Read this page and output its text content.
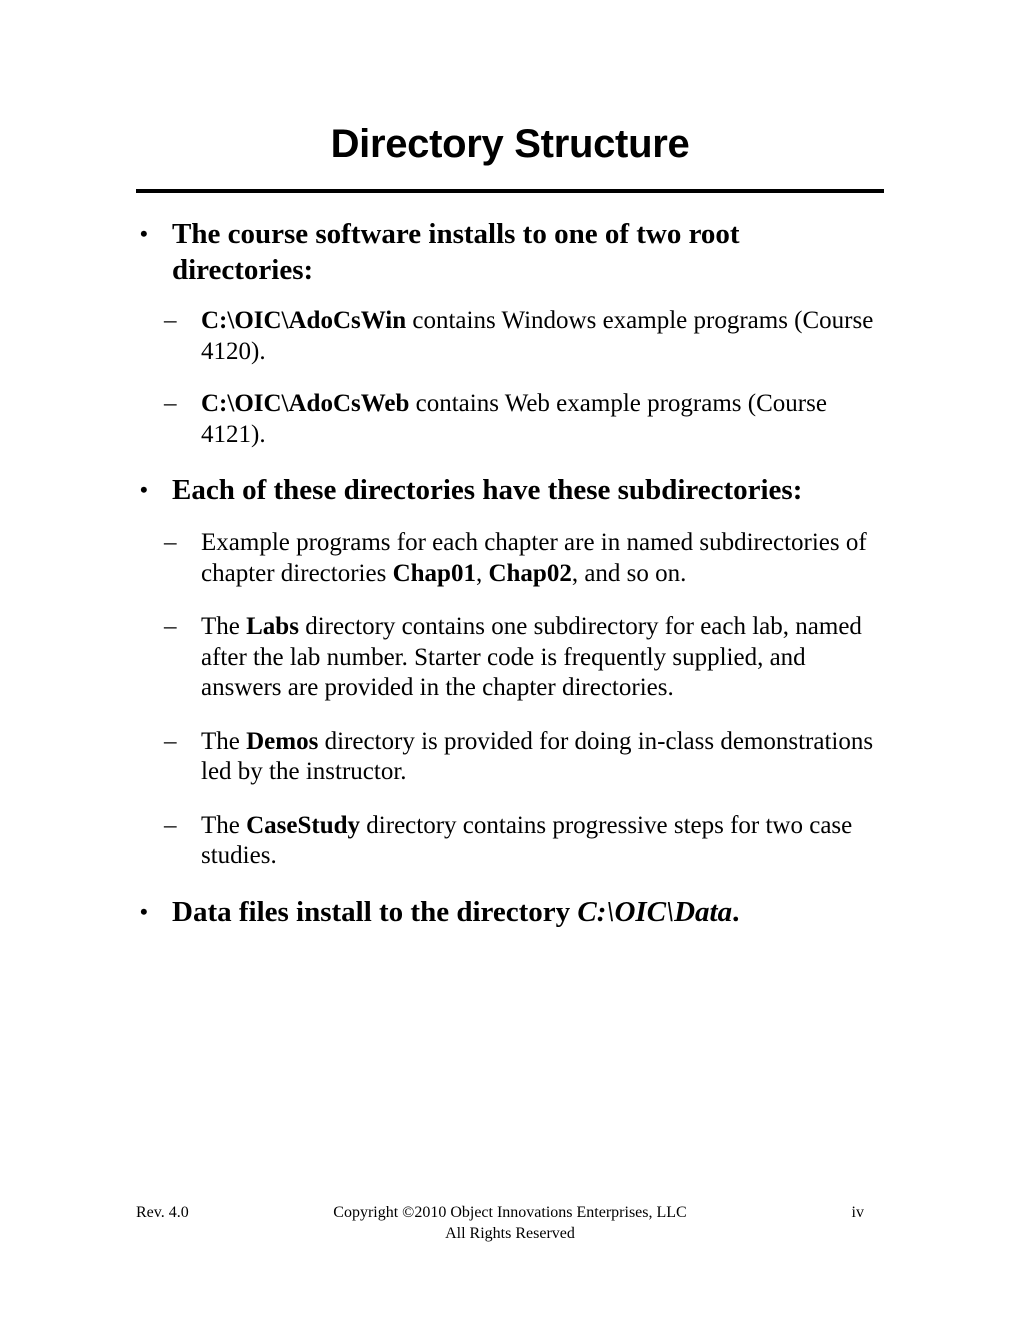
Directory Structure
• The course software installs to one of two root directories:
– C:\OIC\AdoCsWin contains Windows example programs (Course 4120).
– C:\OIC\AdoCsWeb contains Web example programs (Course 4121).
• Each of these directories have these subdirectories:
– Example programs for each chapter are in named subdirectories of chapter directories Chap01, Chap02, and so on.
– The Labs directory contains one subdirectory for each lab, named after the lab number. Starter code is frequently supplied, and answers are provided in the chapter directories.
– The Demos directory is provided for doing in-class demonstrations led by the instructor.
– The CaseStudy directory contains progressive steps for two case studies.
• Data files install to the directory C:\OIC\Data.
Rev. 4.0	Copyright ©2010 Object Innovations Enterprises, LLC
All Rights Reserved
iv
